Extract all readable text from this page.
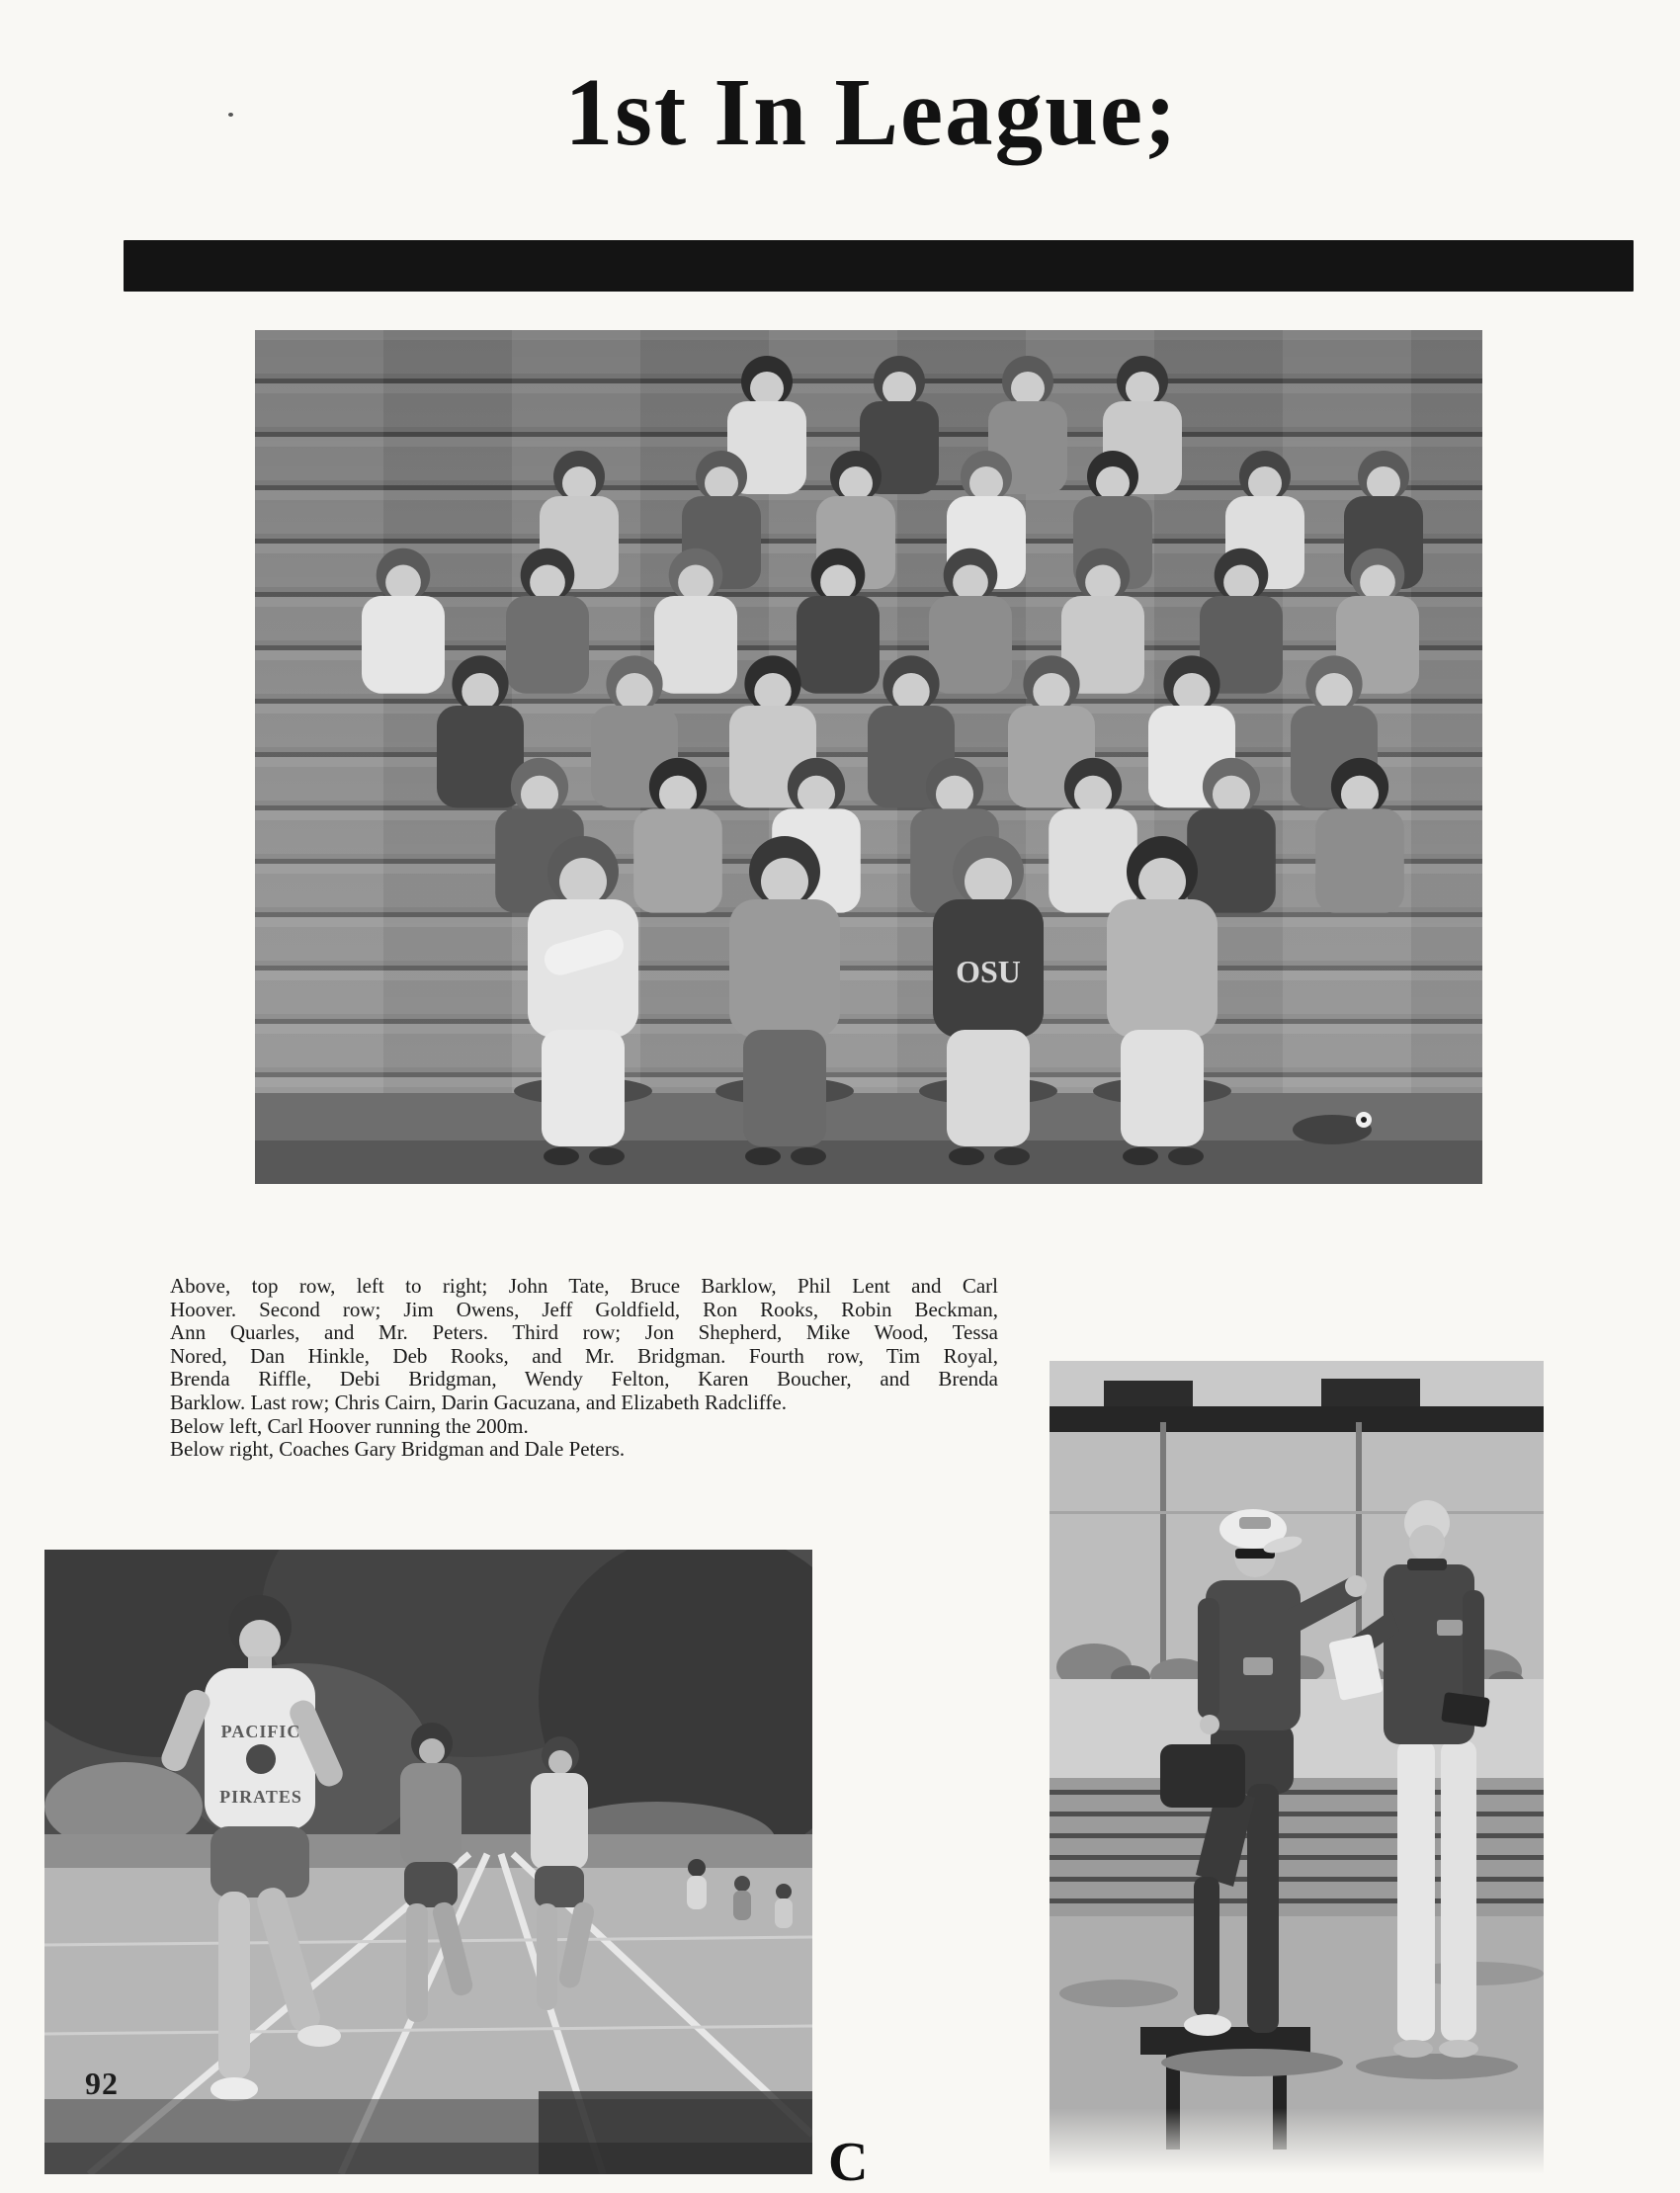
1st In League;
OSU
Above, top row, left to right; John Tate, Bruce Barklow, Phil Lent and Carl
Hoover. Second row; Jim Owens, Jeff Goldfield, Ron Rooks, Robin Beckman,
Ann Quarles, and Mr. Peters. Third row; Jon Shepherd, Mike Wood, Tessa
Nored, Dan Hinkle, Deb Rooks, and Mr. Bridgman. Fourth row, Tim Royal,
Brenda Riffle, Debi Bridgman, Wendy Felton, Karen Boucher, and Brenda
Barklow. Last row; Chris Cairn, Darin Gacuzana, and Elizabeth Radcliffe.
Below left, Carl Hoover running the 200m.
Below right, Coaches Gary Bridgman and Dale Peters.
PACIFIC
PIRATES
92
C
